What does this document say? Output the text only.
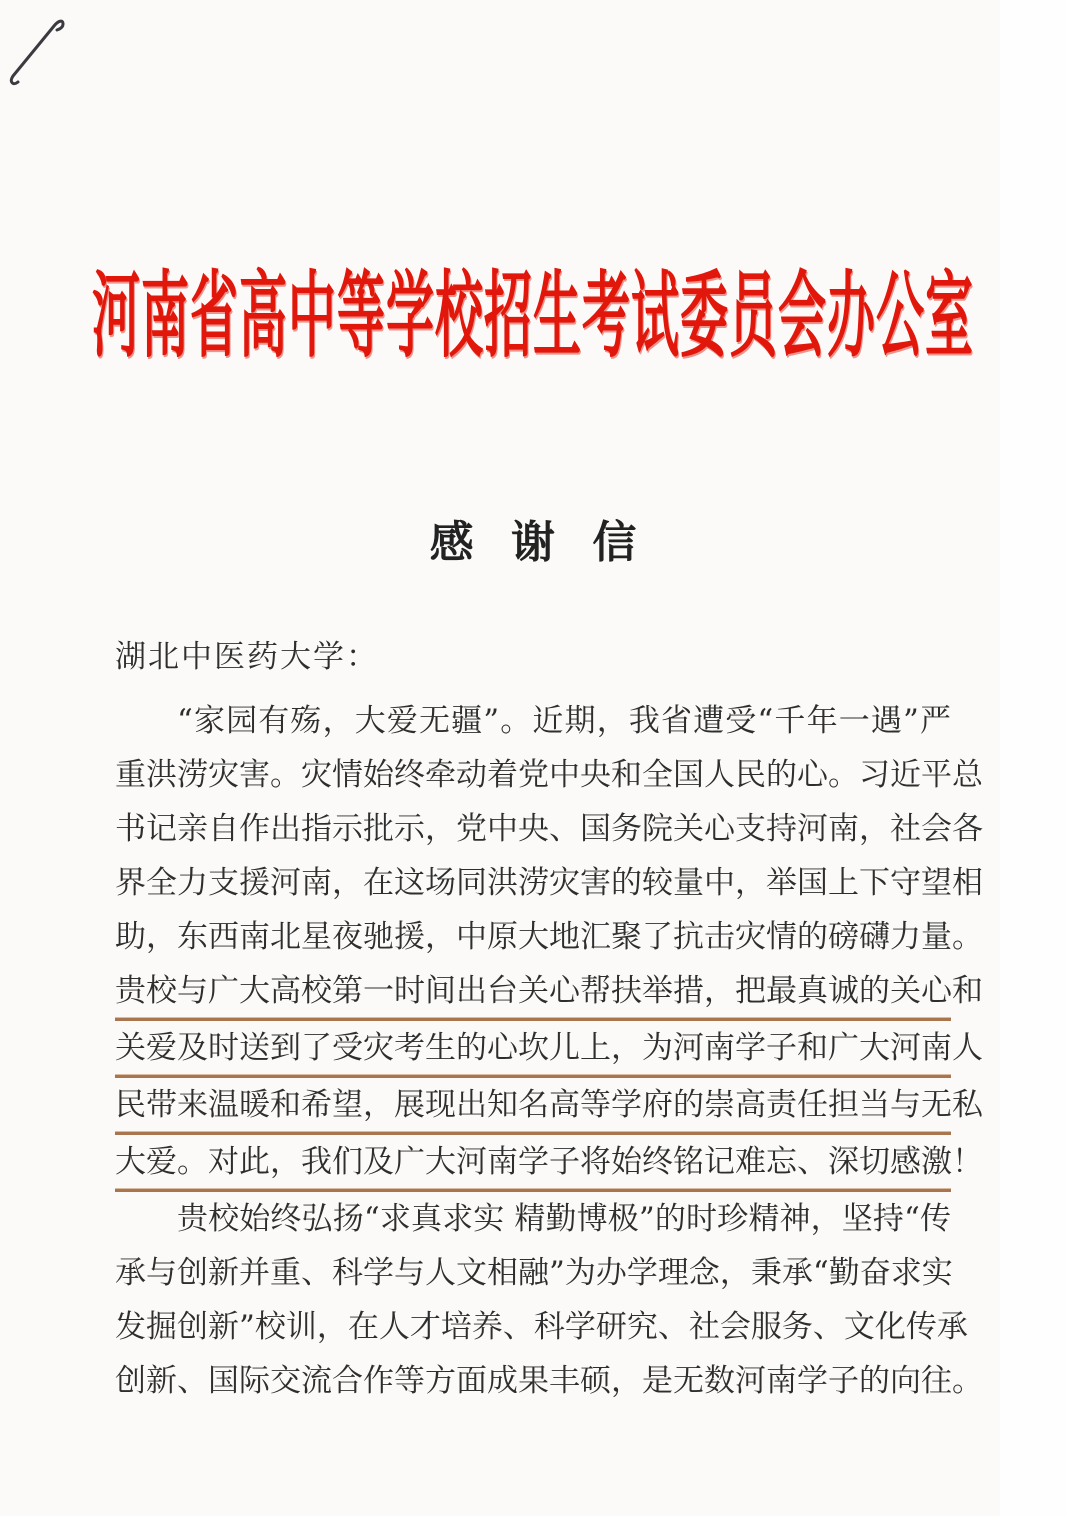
河南省高中等学校招生考试委员会办公室
感谢信
湖北中医药大学：
“家园有殇，大爱无疆”。近期，我省遭受“千年一遇”严
重洪涝灾害。灾情始终牵动着党中央和全国人民的心。习近平总
书记亲自作出指示批示，党中央、国务院关心支持河南，社会各
界全力支援河南，在这场同洪涝灾害的较量中，举国上下守望相
助，东西南北星夜驰援，中原大地汇聚了抗击灾情的磅礴力量。
贵校与广大高校第一时间出台关心帮扶举措，把最真诚的关心和
关爱及时送到了受灾考生的心坎儿上，为河南学子和广大河南人
民带来温暖和希望，展现出知名高等学府的崇高责任担当与无私
大爱。对此，我们及广大河南学子将始终铭记难忘、深切感激！
贵校始终弘扬“求真求实 精勤博极”的时珍精神，坚持“传
承与创新并重、科学与人文相融”为办学理念，秉承“勤奋求实
发掘创新”校训，在人才培养、科学研究、社会服务、文化传承
创新、国际交流合作等方面成果丰硕，是无数河南学子的向往。
